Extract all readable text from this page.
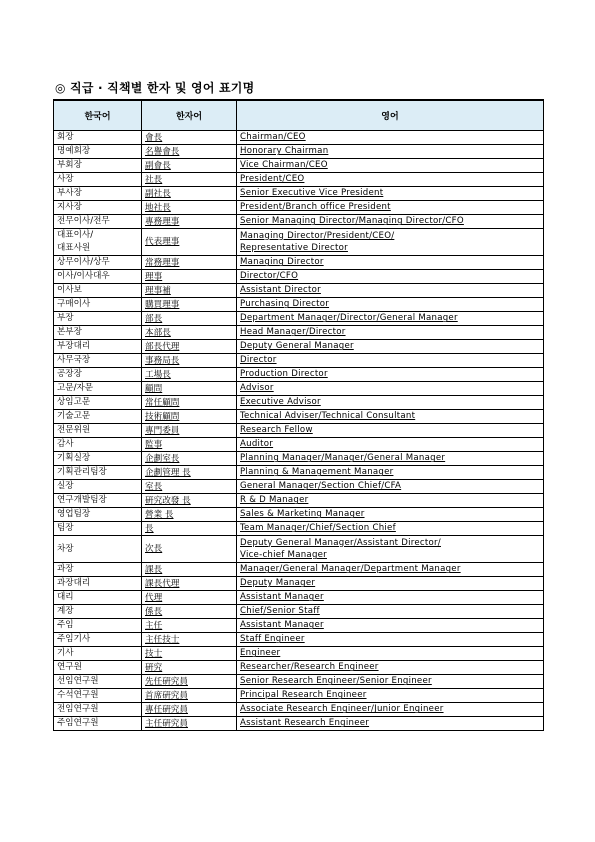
◎ 직급 · 직책별 한자 및 영어 표기명
한국어	한자어	영어

회장	會長	Chairman/CEO

명예회장	名譽會長	Honorary Chairman

부회장	副會長	Vice Chairman/CEO

사장	社長	President/CEO

부사장	副社長	Senior Executive Vice President

지사장	地社長	President/Branch office President

전무이사/전무	專務理事	Senior Managing Director/Managing Director/CFO

대표이사/
대표사원	代表理事	Managing Director/President/CEO/
Representative Director

상무이사/상무	常務理事	Managing Director

이사/이사대우	理事	Director/CFO

이사보	理事補	Assistant Director

구매이사	購買理事	Purchasing Director

부장	部長	Department Manager/Director/General Manager

본부장	本部長	Head Manager/Director

부장대리	部長代理	Deputy General Manager

사무국장	事務局長	Director

공장장	工場長	Production Director

고문/자문	顧問	Advisor

상임고문	常任顧問	Executive Advisor

기술고문	技術顧問	Technical Adviser/Technical Consultant

전문위원	專門委員	Research Fellow

감사	監事	Auditor

기획실장	企劃室長	Planning Manager/Manager/General Manager

기획관리팀장	企劃管理 長	Planning & Management Manager

실장	室長	General Manager/Section Chief/CFA

연구개발팀장	硏究改發 長	R & D Manager

영업팀장	營業 長	Sales & Marketing Manager

팀장	長	Team Manager/Chief/Section Chief

차장	次長	Deputy General Manager/Assistant Director/
Vice-chief Manager

과장	課長	Manager/General Manager/Department Manager

과장대리	課長代理	Deputy Manager

대리	代理	Assistant Manager

계장	係長	Chief/Senior Staff

주임	主任	Assistant Manager

주임기사	主任技士	Staff Engineer

기사	技士	Engineer

연구원	硏究	Researcher/Research Engineer

선임연구원	先任硏究員	Senior Research Engineer/Senior Engineer

수석연구원	首席硏究員	Principal Research Engineer

전임연구원	專任硏究員	Associate Research Engineer/Junior Engineer

주임연구원	主任硏究員	Assistant Research Engineer
